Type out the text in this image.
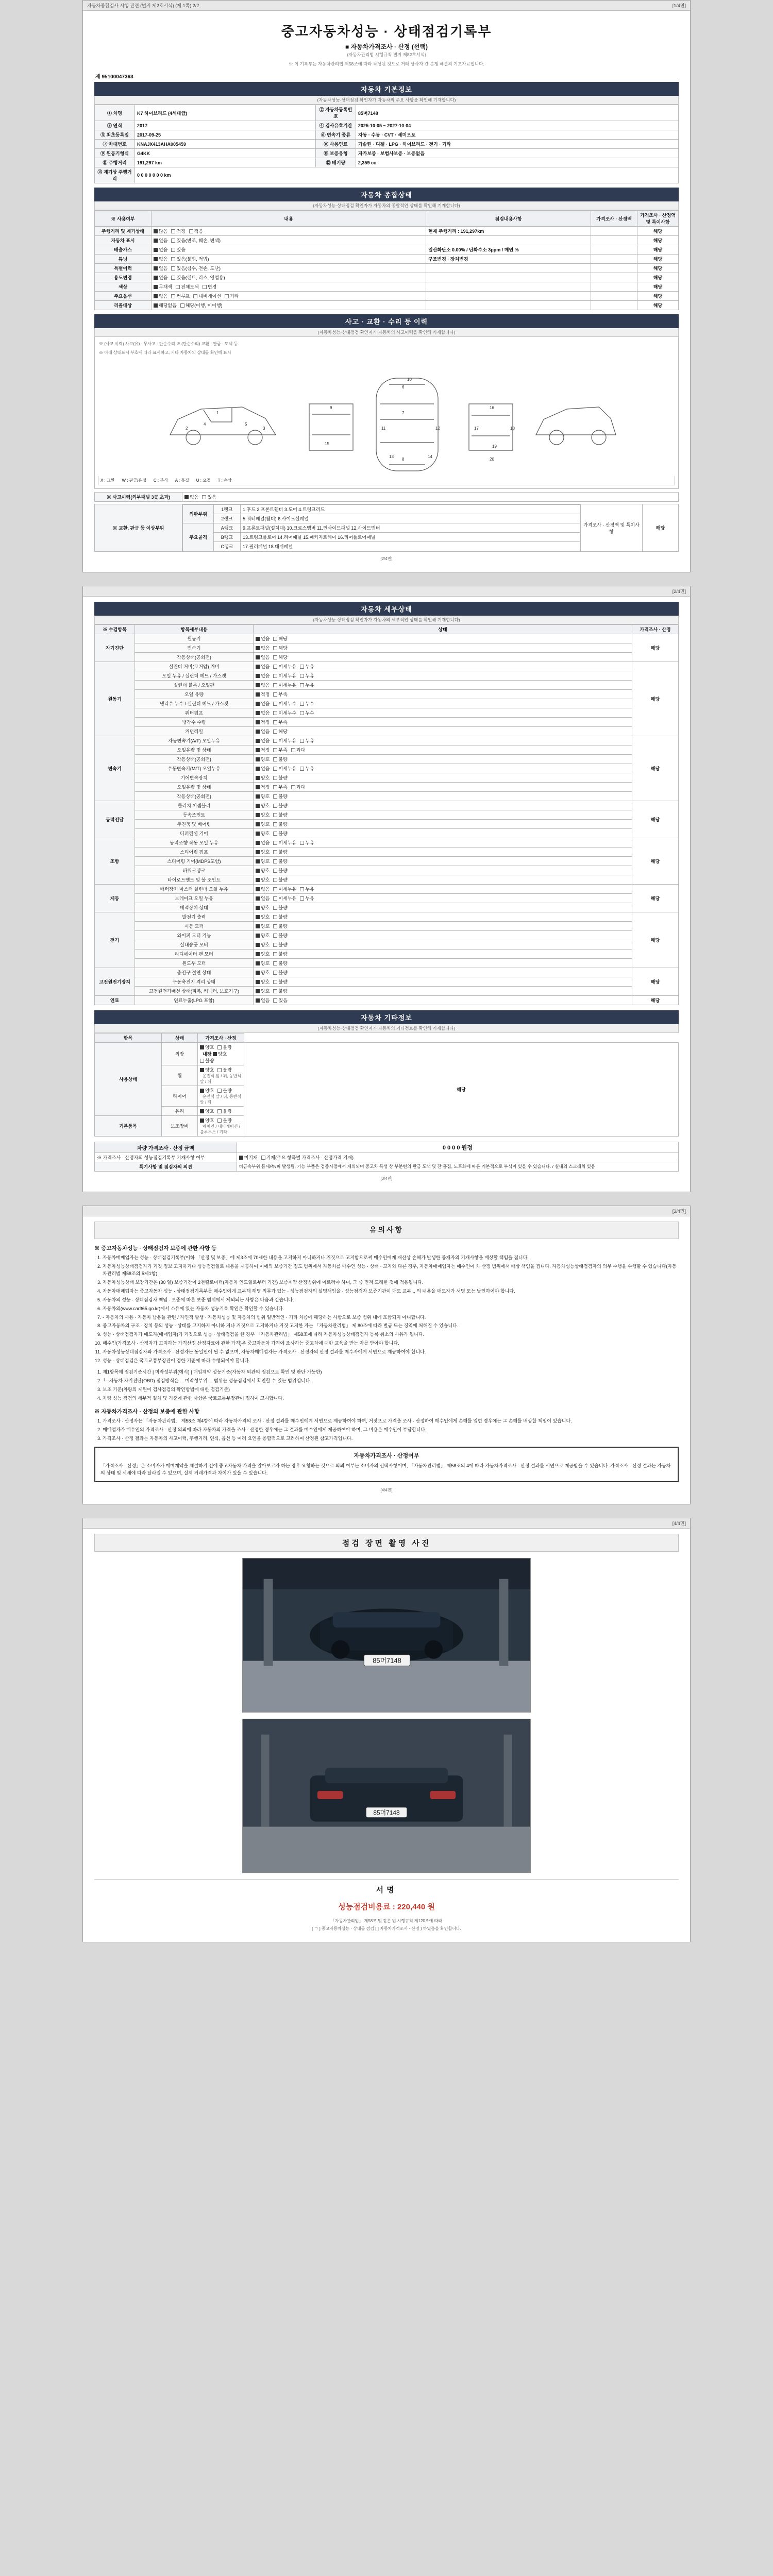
자동차종합검사 시행 관련 (별지 제2호서식) (제 1쪽) 2/2	[1/4면]
중고자동차성능 · 상태점검기록부
■ 자동차가격조사 · 산정 (선택)
(자동차관리법 시행규칙 별지 제82호서식)
※ 이 기록부는 자동차관리법 제58조에 따라 작성된 것으로 거래 당사자 간 분쟁 해결의 기초자료입니다.
제 95100047363
자동차 기본정보
(자동차성능·상태점검 확인자가 자동차의 주요 사항을 확인해 기재합니다)
① 차명	K7 하이브리드 (4세대급)	② 자동차등록번호	85머7148
③ 연식	2017	④ 검사유효기간	2025-10-05 ~ 2027-10-04
⑤ 최초등록일	2017-09-25	⑥ 변속기 종류	자동 · 수동 · CVT · 세미오토
⑦ 차대번호	KNAJX413AHA005459	⑧ 사용연료	가솔린 · 디젤 · LPG · 하이브리드 · 전기 · 기타
⑨ 원동기형식	G4KK	⑩ 보증유형	자가보증 · 보험사보증 · 보증없음
⑪ 주행거리	191,297 km	⑫ 배기량	2,359 cc
⑬ 계기상 주행거리	0 0 0 0 0 0 0 km		
자동차 종합상태
(자동차성능·상태점검 확인자가 자동차의 종합적인 상태를 확인해 기재합니다)
※ 사용여부	내용	점검내용사항	가격조사 · 산정액	가격조사 · 산정액 및 특이사항
주행거리 및 계기상태	많음 적정 적음	현재 주행거리 : 191,297km		해당
자동차 표시	없음 있음(변조, 훼손, 변색)			해당
배출가스	없음 있음	일산화탄소 0.00% / 탄화수소 3ppm / 매연 %		해당
튜닝	없음 있음(불법, 적법)	구조변경 · 장치변경		해당
특별이력	없음 있음(침수, 전손, 도난)			해당
용도변경	없음 있음(렌트, 리스, 영업용)			해당
색상	무채색 전체도색 변경			해당
주요옵션	없음 썬루프 내비게이션 기타			해당
리콜대상	해당없음 해당(이행, 미이행)			해당
사고 · 교환 · 수리 등 이력
(자동차성능·상태점검 확인자가 자동차의 사고이력을 확인해 기재합니다)
※ (사고 이력) 사고(유) · 무사고 · 단순수리 ※ (단순수리) 교환 · 판금 · 도색 등
※ 아래 상태표시 부호에 따라 표시하고, 기타 자동차의 상태를 확인해 표시
1
2	3
4	5
6
7
8
9
10
11	12
13	14
15
16
17	18
19
20
X : 교환 W : 판금/용접 C : 부식 A : 흠집 U : 요철 T : 손상
※ 사고이력(외부패널 3곳 초과)	없음 있음
※ 교환, 판금 등 이상부위	
외판부위	1랭크	1.후드 2.프론트휀더 3.도어 4.트렁크리드
2랭크	5.쿼터패널(휀더) 6.사이드실패널
주요골격	A랭크	9.프론트패널(설치대) 10.크로스멤버 11.인사이드패널 12.사이드멤버
B랭크	13.트렁크플로어 14.리어패널 15.패키지트레이 16.리어플로어패널
C랭크	17.필러패널 18.대쉬패널
	가격조사 · 산정액 및 특이사항	해당
[2/4면]

[2/4면]
자동차 세부상태
(자동차성능·상태점검 확인자가 자동차의 세부적인 상태를 확인해 기재합니다)
※ 수검항목	항목세부내용	상태	가격조사 · 산정
자기진단	원동기	없음 해당	해당
	변속기	없음 해당	
	작동상태(공회전)	없음 해당	
원동기	실린더 커버(로커암) 커버	없음 미세누유 누유	해당
	오일 누유 / 실린더 헤드 / 가스켓	없음 미세누유 누유	
	실린더 블록 / 오일팬	없음 미세누유 누유	
	오일 유량	적정 부족	
	냉각수 누수 / 실린더 헤드 / 가스켓	없음 미세누수 누수	
	워터펌프	없음 미세누수 누수	
	냉각수 수량	적정 부족	
	커먼레일	없음 해당	
변속기	자동변속기(A/T) 오일누유	없음 미세누유 누유	해당
	오일유량 및 상태	적정 부족 과다	
	작동상태(공회전)	양호 불량	
	수동변속기(M/T) 오일누유	없음 미세누유 누유	
	기어변속장치	양호 불량	
	오일유량 및 상태	적정 부족 과다	
	작동상태(공회전)	양호 불량	
동력전달	클러치 어셈블리	양호 불량	해당
	등속조인트	양호 불량	
	추진축 및 베어링	양호 불량	
	디퍼렌셜 기어	양호 불량	
조향	동력조향 작동 오일 누유	없음 미세누유 누유	해당
	스티어링 펌프	양호 불량	
	스티어링 기어(MDPS포함)	양호 불량	
	파워크랭크	양호 불량	
	타이로드엔드 및 볼 조인트	양호 불량	
제동	배력장치 마스터 실린더 오일 누유	없음 미세누유 누유	해당
	브레이크 오일 누유	없음 미세누유 누유	
	배력장치 상태	양호 불량	
전기	발전기 출력	양호 불량	해당
	시동 모터	양호 불량	
	와이퍼 모터 기능	양호 불량	
	실내송풍 모터	양호 불량	
	라디에이터 팬 모터	양호 불량	
	윈도우 모터	양호 불량	
고전원전기장치	충전구 절연 상태	양호 불량	해당
	구동축전지 격리 상태	양호 불량	
	고전원전기배선 상태(피복, 커넥터, 보호기구)	양호 불량	
연료	연료누출(LPG 포함)	없음 있음	해당
자동차 기타정보
(자동차성능·상태점검 확인자가 자동차의 기타정보를 확인해 기재합니다)
항목	상태	가격조사 · 산정	
사용상태	외장	양호 불량  내장 양호불량	해당
	휠	양호 불량  운전석 앞 / 뒤, 동반석 앞 / 뒤	
	타이어	양호 불량  운전석 앞 / 뒤, 동반석 앞 / 뒤	
	유리	양호 불량	
기본품목	보조장비	양호 불량  에어컨 / 내비게이션 / 블루투스 / 기타	
차량 가격조사 · 산정 금액	0 0 0 0 원정
※ 가격조사 · 산정자의 성능점검기록부 기재사항 여부	미기재 기재(주요 항목별 가격조사 · 산정가격 기재)
특기사항 및 점검자의 의견	비금속부위 틈새/녹/피 발생됨, 기능 부품은 검증시점에서 제외되며 중고차 특성 상 부분변의 판금 도색 및 잔 흠집, 노후화에 따른 기본적으로 부식이 있을 수 있습니다. / 실내외 스크래치 있음
[3/4면]

[3/4면]
유의사항
※ 중고자동차성능 · 상태점검자 보증에 관한 사항 등
1. 자동차매매업자는 성능 · 상태점검기록부(이하 「산정 및 보증」에 제3조에 70세한 내용을 고지하지 아니하거나 거짓으로 고지함으로써 매수인에게 재산상 손해가 발생한 중개자의 기재사항을 배상할 책임을 집니다.
2. 자동차성능상태점검자가 거짓 정보 고지하거나 성능점검일로 내용을 제공하여 이에의 보증기간 정도 범위에서 자동차를 매수인 성능 · 상태 · 고지와 다른 경우, 자동차매매업자는 매수인이 차 산정 범위에서 배상 책임을 집니다. 자동차성능상태점검자의 의무 수행을 수행할 수 있습니다(자동차관리법 제58조의 5제1항).
3. 자동차성능상태 보장기간은 (30 일) 보증기간이 2천킬로미터(자동차 인도일로부터 기간) 보증계약 산정범위에 이르러야 하며, 그 중 먼저 도래한 것에 적용됩니다.
4. 자동차매매업자는 중고자동차 성능 · 상태점검기록부를 매수인에게 교부해 해명 의무가 있는 · 성능점검자의 설명책임을 · 성능점검자 보증기관이 매도 교부... 의 내용을 매도자가 서명 또는 날인하여야 합니다.
5. 자동차의 성능 · 상태점검자 책임 · 보증에 따른 보증 범위에서 제외되는 사항은 다음과 같습니다.
6. 자동차의(www.car365.go.kr)에서 소유에 있는 자동차 성능기록 확인은 확인할 수 있습니다.
7. - 자동차의 사용 · 자동차 남용들 관련 / 자연적 발생 · 자동차성능 및 자동차의 범위 일반적인 · 기타 차종에 해당하는 사항으로 보증 범위 내에 포함되지 아니합니다.
8. 중고자동차의 구조 · 장치 등의 성능 · 상태를 고지하지 아니하 거나 거짓으로 고지하거나 거짓 고지한 자는 「자동차관리법」 제 80조에 따라 벌금 또는 징역에 처해질 수 있습니다.
9. 성능 · 상태점검자가 매도자(매매업자)가 거짓으로 성능 · 상태점검을 한 경우 「자동차관리법」 제58조에 따라 자동차성능상태점검자 등록 취소의 사유가 됩니다.
10. 매수인(가격조사 · 산정자가 고지하는 가격산정 산정자료에 관한 가격)은 중고자동차 가격에 조사하는 중고차에 대한 교육을 받는 자를 받아야 합니다.
11. 자동차성능상태점검자와 가격조사 · 산정자는 동일인이 될 수 없으며, 자동차매매업자는 가격조사 · 산정자의 산정 결과를 매수자에게 서면으로 제공하여야 합니다.
12. 성능 · 상태점검은 국토교통부장관이 정한 기준에 따라 수행되어야 합니다.
1. 제1항목에 점검기준시간 | 미작성부위(예시) | 매입계약 성능기준(자동차 외관의 점검으로 확인 및 판단 가능한)
2. └─자동차 자기진단(OBD) 점검방식은 ... 미작성부위 ... 범위는 성능점검에서 확인할 수 있는 범위입니다.
3. 보조 기준(차량의 제원이 검사점검의 확인방법에 대한 점검기준)
4. 차량 성능 점검의 세부적 절차 및 기준에 관한 사항은 국토교통부장관이 정하여 고시합니다.
※ 자동차가격조사 · 산정의 보증에 관한 사항
1. 가격조사 · 산정자는 「자동차관리법」 제58조 제4항에 따라 자동차가격의 조사 · 산정 결과를 매수인에게 서면으로 제공하여야 하며, 거짓으로 가격을 조사 · 산정하여 매수인에게 손해를 입힌 경우에는 그 손해를 배상할 책임이 있습니다.
2. 매매업자가 매수인의 가격조사 · 산정 의뢰에 따라 자동차의 가격을 조사 · 산정한 경우에는 그 결과를 매수인에게 제공하여야 하며, 그 비용은 매수인이 부담합니다.
3. 가격조사 · 산정 결과는 자동차의 사고이력, 주행거리, 연식, 옵션 등 여러 요인을 종합적으로 고려하여 산정된 참고가격입니다.
자동차가격조사 · 산정여부
「가격조사 · 산정」은 소비자가 매매계약을 체결하기 전에 중고자동차 가격을 알아보고자 하는 경우 요청하는 것으로 의뢰 여부는 소비자의 선택사항이며, 「자동차관리법」 제58조의 4에 따라 자동차가격조사 · 산정 결과를 서면으로 제공받을 수 있습니다. 가격조사 · 산정 결과는 자동차의 상태 및 시세에 따라 달라질 수 있으며, 실제 거래가격과 차이가 있을 수 있습니다.
[4/4면]

[4/4면]
점검 장면 촬영 사진
85머7148
85머7148
서명
성능점검비용료 : 220,440 원
「자동차관리법」 제58조 및 같은 법 시행규칙 제120조에 따라
[ ㄱ ] 중고자동차성능 · 상태를 점검 [ ] 자동차가격조사 · 산정 ) 하였음을 확인합니다.
